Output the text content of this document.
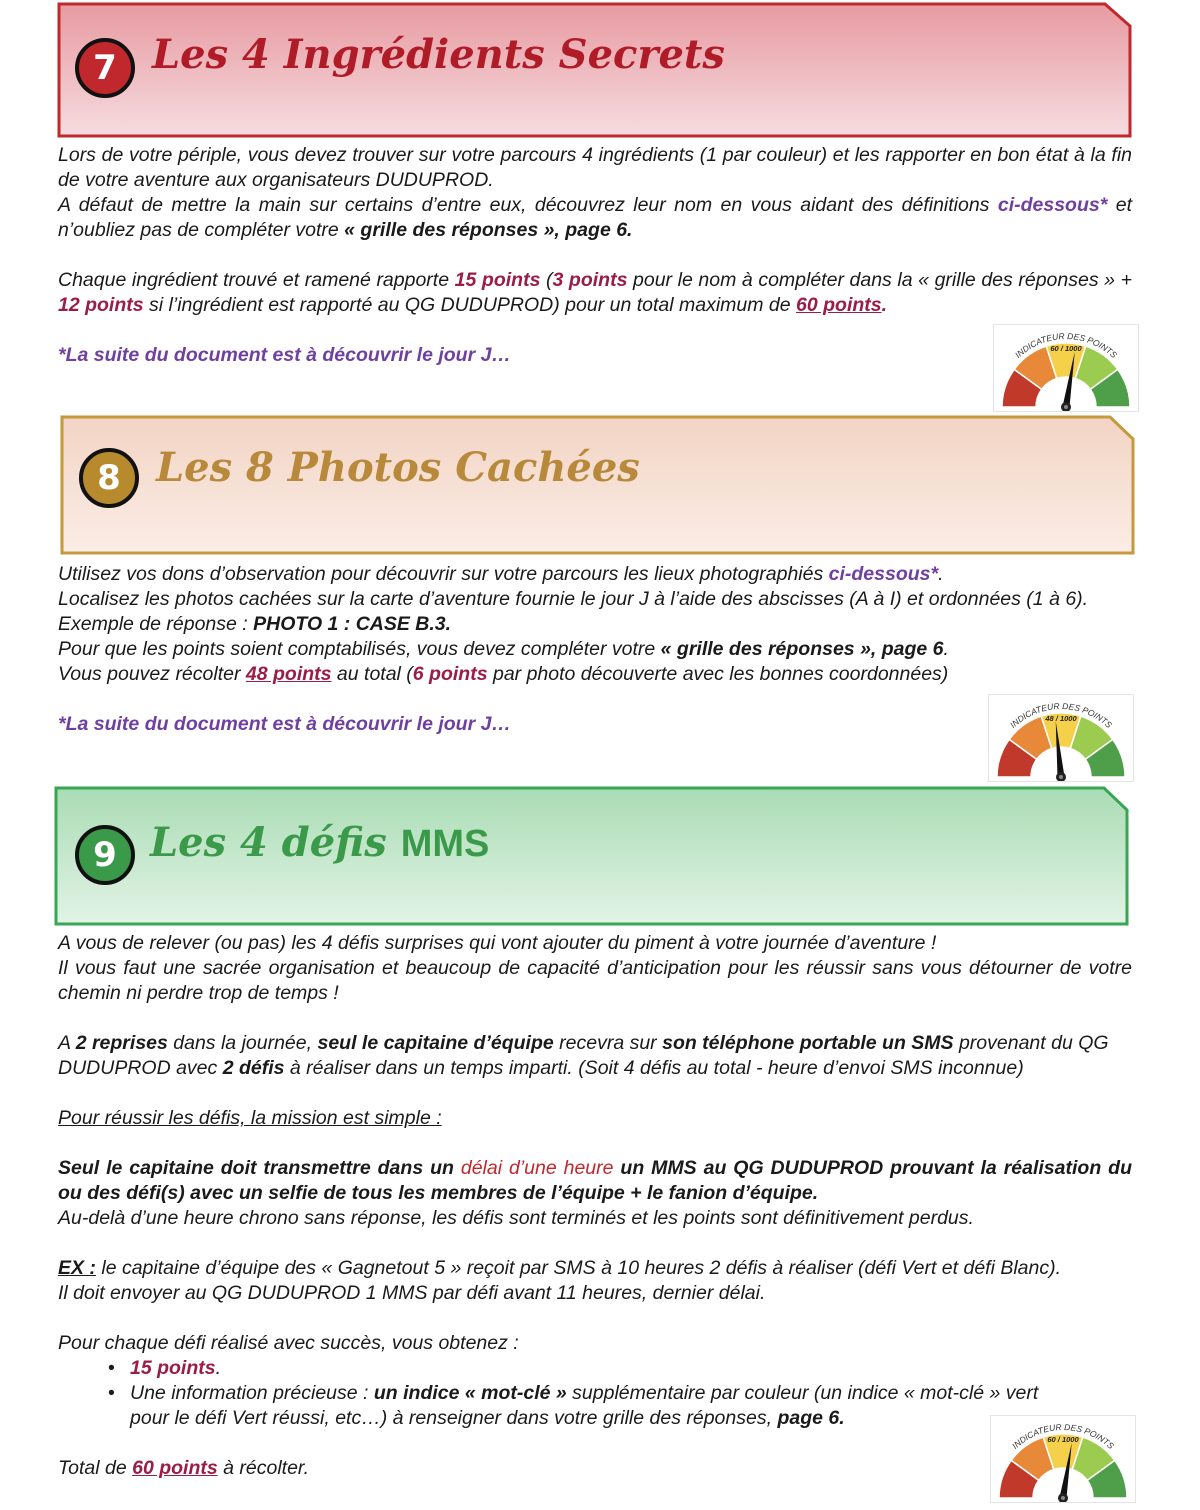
7 Les 4 Ingrédients Secrets

Lors de votre périple, vous devez trouver sur votre parcours 4 ingrédients (1 par couleur) et les rapporter en bon état à la fin de votre aventure aux organisateurs DUDUPROD.
A défaut de mettre la main sur certains d’entre eux, découvrez leur nom en vous aidant des définitions ci-dessous* et n’oubliez pas de compléter votre « grille des réponses », page 6.

Chaque ingrédient trouvé et ramené rapporte 15 points (3 points pour le nom à compléter dans la « grille des réponses » + 12 points si l’ingrédient est rapporté au QG DUDUPROD) pour un total maximum de 60 points.

*La suite du document est à découvrir le jour J…	INDICATEUR DES POINTS
60 / 1000
8 Les 8 Photos Cachées

Utilisez vos dons d’observation pour découvrir sur votre parcours les lieux photographiés ci-dessous*.
Localisez les photos cachées sur la carte d’aventure fournie le jour J à l’aide des abscisses (A à I) et ordonnées (1 à 6).
Exemple de réponse : PHOTO 1 : CASE B.3.
Pour que les points soient comptabilisés, vous devez compléter votre « grille des réponses », page 6.
Vous pouvez récolter 48 points au total (6 points par photo découverte avec les bonnes coordonnées)

*La suite du document est à découvrir le jour J…	INDICATEUR DES POINTS
48 / 1000
9 Les 4 défis MMS

A vous de relever (ou pas) les 4 défis surprises qui vont ajouter du piment à votre journée d’aventure !
Il vous faut une sacrée organisation et beaucoup de capacité d’anticipation pour les réussir sans vous détourner de votre chemin ni perdre trop de temps !

A 2 reprises dans la journée, seul le capitaine d’équipe recevra sur son téléphone portable un SMS provenant du QG DUDUPROD avec 2 défis à réaliser dans un temps imparti. (Soit 4 défis au total - heure d’envoi SMS inconnue)

Pour réussir les défis, la mission est simple :

Seul le capitaine doit transmettre dans un délai d’une heure un MMS au QG DUDUPROD prouvant la réalisation du ou des défi(s) avec un selfie de tous les membres de l’équipe + le fanion d’équipe.
Au-delà d’une heure chrono sans réponse, les défis sont terminés et les points sont définitivement perdus.

EX : le capitaine d’équipe des « Gagnetout 5 » reçoit par SMS à 10 heures 2 défis à réaliser (défi Vert et défi Blanc).
Il doit envoyer au QG DUDUPROD 1 MMS par défi avant 11 heures, dernier délai.

Pour chaque défi réalisé avec succès, vous obtenez :

• 15 points.
• Une information précieuse : un indice « mot-clé » supplémentaire par couleur (un indice « mot-clé » vert pour le défi Vert réussi, etc…) à renseigner dans votre grille des réponses, page 6.

Total de 60 points à récolter.

INDICATEUR DES POINTS
60 / 1000
